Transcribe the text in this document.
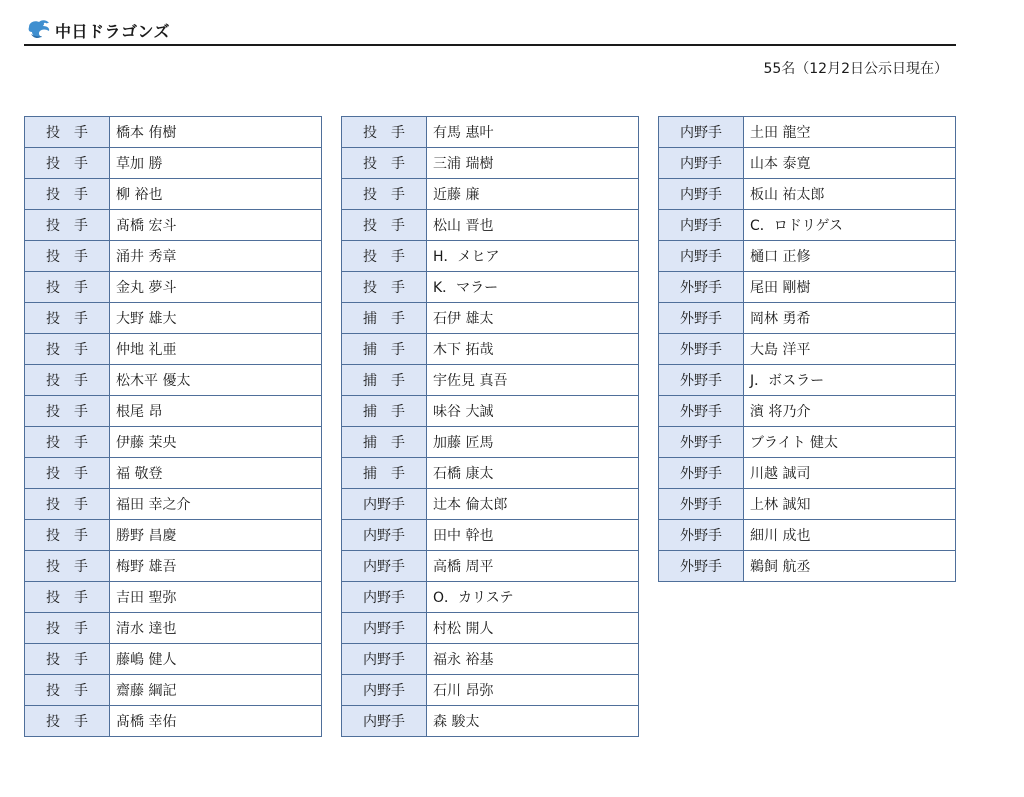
中日ドラゴンズ
55名（12月2日公示日現在）
投　手	橋本 侑樹
投　手	草加 勝
投　手	柳 裕也
投　手	髙橋 宏斗
投　手	涌井 秀章
投　手	金丸 夢斗
投　手	大野 雄大
投　手	仲地 礼亜
投　手	松木平 優太
投　手	根尾 昂
投　手	伊藤 茉央
投　手	福 敬登
投　手	福田 幸之介
投　手	勝野 昌慶
投　手	梅野 雄吾
投　手	吉田 聖弥
投　手	清水 達也
投　手	藤嶋 健人
投　手	齋藤 綱記
投　手	髙橋 幸佑
投　手	有馬 惠叶
投　手	三浦 瑞樹
投　手	近藤 廉
投　手	松山 晋也
投　手	H．メヒア
投　手	K．マラー
捕　手	石伊 雄太
捕　手	木下 拓哉
捕　手	宇佐見 真吾
捕　手	味谷 大誠
捕　手	加藤 匠馬
捕　手	石橋 康太
内野手	辻本 倫太郎
内野手	田中 幹也
内野手	高橋 周平
内野手	O．カリステ
内野手	村松 開人
内野手	福永 裕基
内野手	石川 昂弥
内野手	森 駿太
内野手	土田 龍空
内野手	山本 泰寛
内野手	板山 祐太郎
内野手	C．ロドリゲス
内野手	樋口 正修
外野手	尾田 剛樹
外野手	岡林 勇希
外野手	大島 洋平
外野手	J．ボスラー
外野手	濱 将乃介
外野手	ブライト 健太
外野手	川越 誠司
外野手	上林 誠知
外野手	細川 成也
外野手	鵜飼 航丞
